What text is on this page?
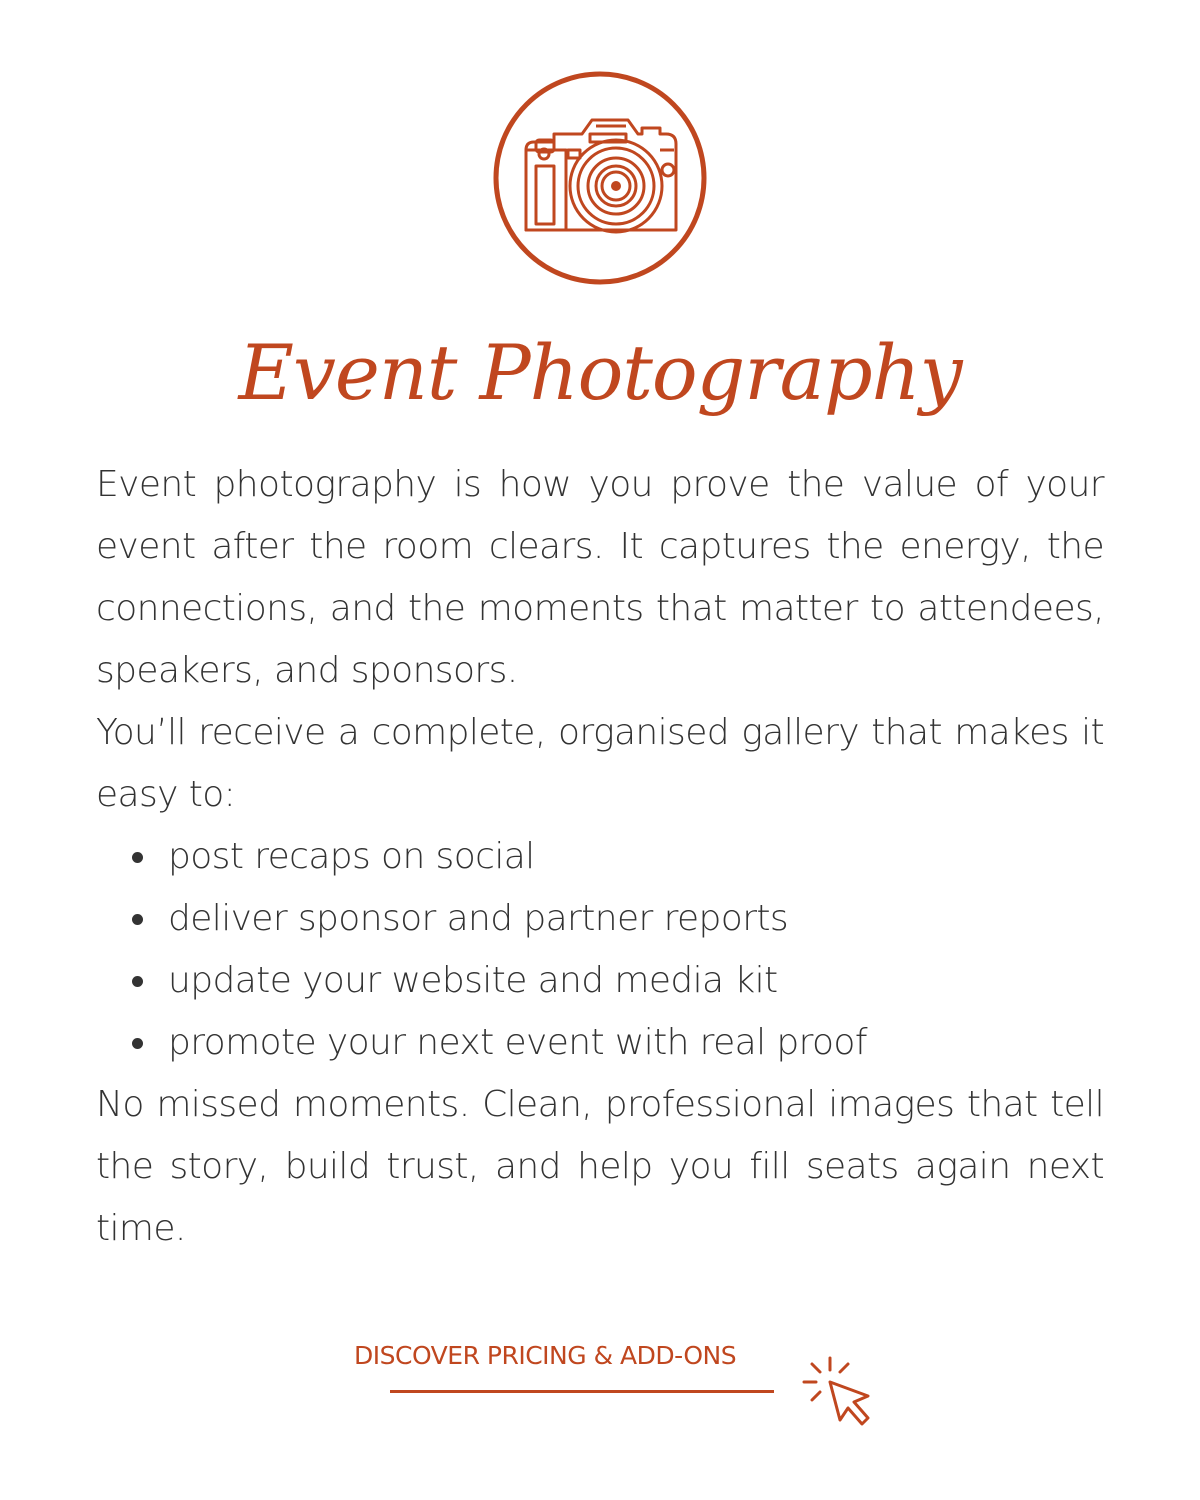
Event Photography

Event photography is how you prove the value of your event after the room clears. It captures the energy, the connections, and the moments that matter to attendees, speakers, and sponsors.

You’ll receive a complete, organised gallery that makes it easy to:

post recaps on social
deliver sponsor and partner reports
update your website and media kit
promote your next event with real proof

No missed moments. Clean, professional images that tell the story, build trust, and help you fill seats again next time.

DISCOVER PRICING & ADD-ONS
